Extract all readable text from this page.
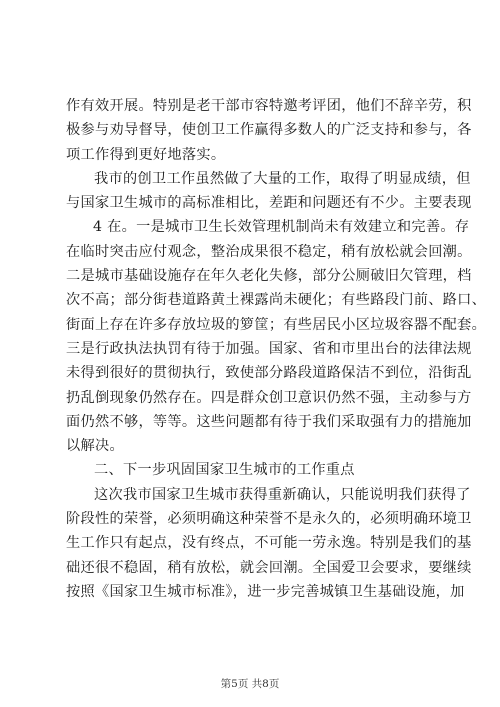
作有效开展。特别是老干部市容特邀考评团，他们不辞辛劳，积
极参与劝导督导，使创卫工作赢得多数人的广泛支持和参与，各
项工作得到更好地落实。
我市的创卫工作虽然做了大量的工作，取得了明显成绩，但
与国家卫生城市的高标准相比，差距和问题还有不少。主要表现
4 在。一是城市卫生长效管理机制尚未有效建立和完善。存
在临时突击应付观念，整治成果很不稳定，稍有放松就会回潮。
二是城市基础设施存在年久老化失修，部分公厕破旧欠管理，档
次不高；部分街巷道路黄土裸露尚未硬化；有些路段门前、路口、
街面上存在许多存放垃圾的箩筐；有些居民小区垃圾容器不配套。
三是行政执法执罚有待于加强。国家、省和市里出台的法律法规
未得到很好的贯彻执行，致使部分路段道路保洁不到位，沿街乱
扔乱倒现象仍然存在。四是群众创卫意识仍然不强，主动参与方
面仍然不够，等等。这些问题都有待于我们采取强有力的措施加
以解决。
二、下一步巩固国家卫生城市的工作重点
这次我市国家卫生城市获得重新确认，只能说明我们获得了
阶段性的荣誉，必须明确这种荣誉不是永久的，必须明确环境卫
生工作只有起点，没有终点，不可能一劳永逸。特别是我们的基
础还很不稳固，稍有放松，就会回潮。全国爱卫会要求，要继续
按照《国家卫生城市标准》，进一步完善城镇卫生基础设施，加
第5页 共8页
